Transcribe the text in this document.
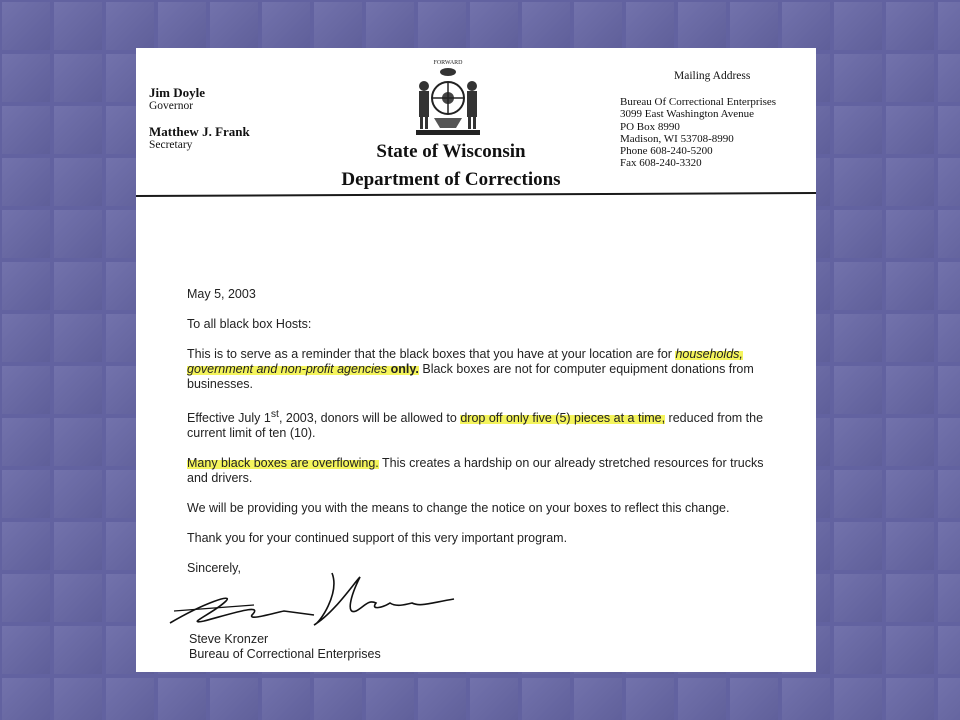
Jim Doyle
Governor
Matthew J. Frank
Secretary
FORWARD
State of Wisconsin
Department of Corrections
Mailing Address
Bureau Of Correctional Enterprises
3099 East Washington Avenue
PO Box 8990
Madison, WI 53708-8990
Phone 608-240-5200
Fax 608-240-3320

May 5, 2003

To all black box Hosts:

This is to serve as a reminder that the black boxes that you have at your location are for households, government and non-profit agencies only. Black boxes are not for computer equipment donations from businesses.

Effective July 1st, 2003, donors will be allowed to drop off only five (5) pieces at a time, reduced from the current limit of ten (10).

Many black boxes are overflowing. This creates a hardship on our already stretched resources for trucks and drivers.

We will be providing you with the means to change the notice on your boxes to reflect this change.

Thank you for your continued support of this very important program.

Sincerely,

Steve Kronzer
Bureau of Correctional Enterprises
